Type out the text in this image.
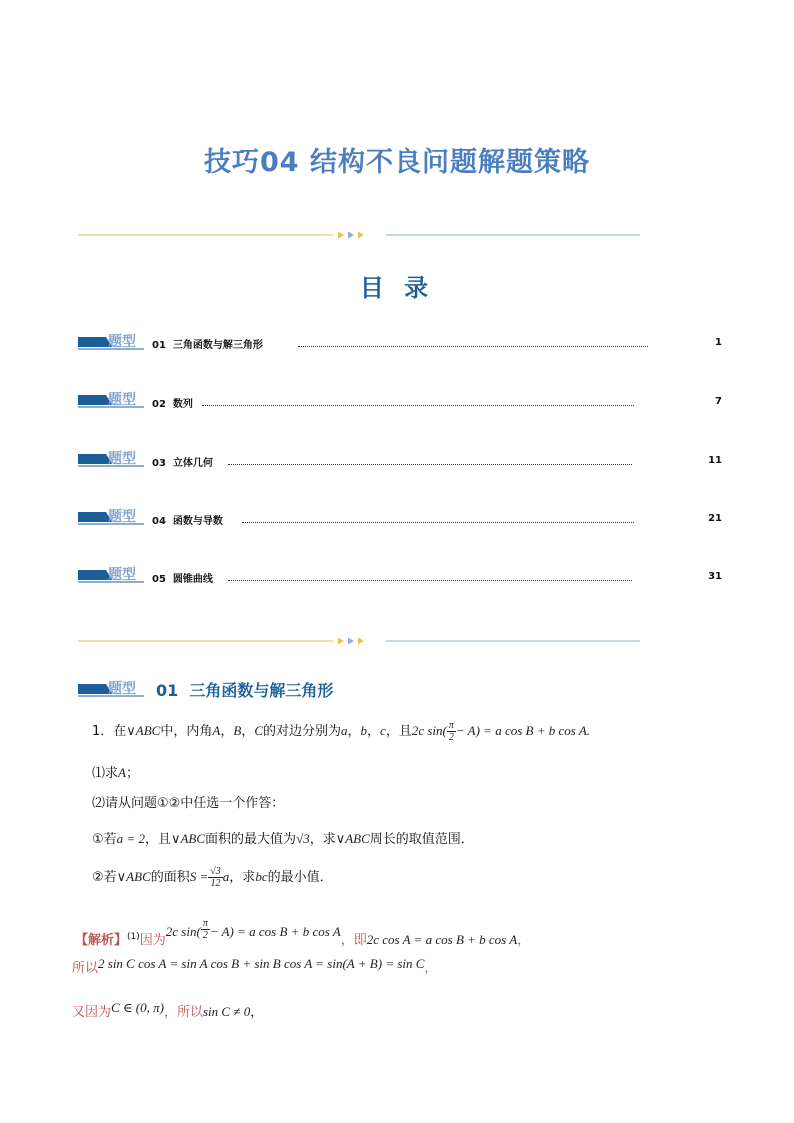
技巧04 结构不良问题解题策略
目 录
题型 01 三角函数与解三角形	1
题型 02 数列	7
题型 03 立体几何	11
题型 04 函数与导数	21
题型 05 圆锥曲线	31
题型 01 三角函数与解三角形
1．在∨ABC中，内角A，B，C的对边分别为a，b，c，且2c $\sin( \frac{\pi}{2} - A) = a$ cos B + b cos A.
⑴求A；
⑵请从问题①②中任选一个作答：
①若a = 2，且∨ABC面积的最大值为√3，求∨ABC周长的取值范围．
②若∨ABC的面积$S = \frac{√3}{12}$ a，求bc的最小值．
【解析】$^{(1)}$因为2c $\sin( \frac{\pi}{2} - A) = a$ cos B + b cos A，即2c cos A = a cos B + b cos A，
所以2 sin C cos A = sin A cos B + sin B cos A = sin(A + B) = sin C，
又因为C ∈ (0, π)，所以sin C ≠ 0，
